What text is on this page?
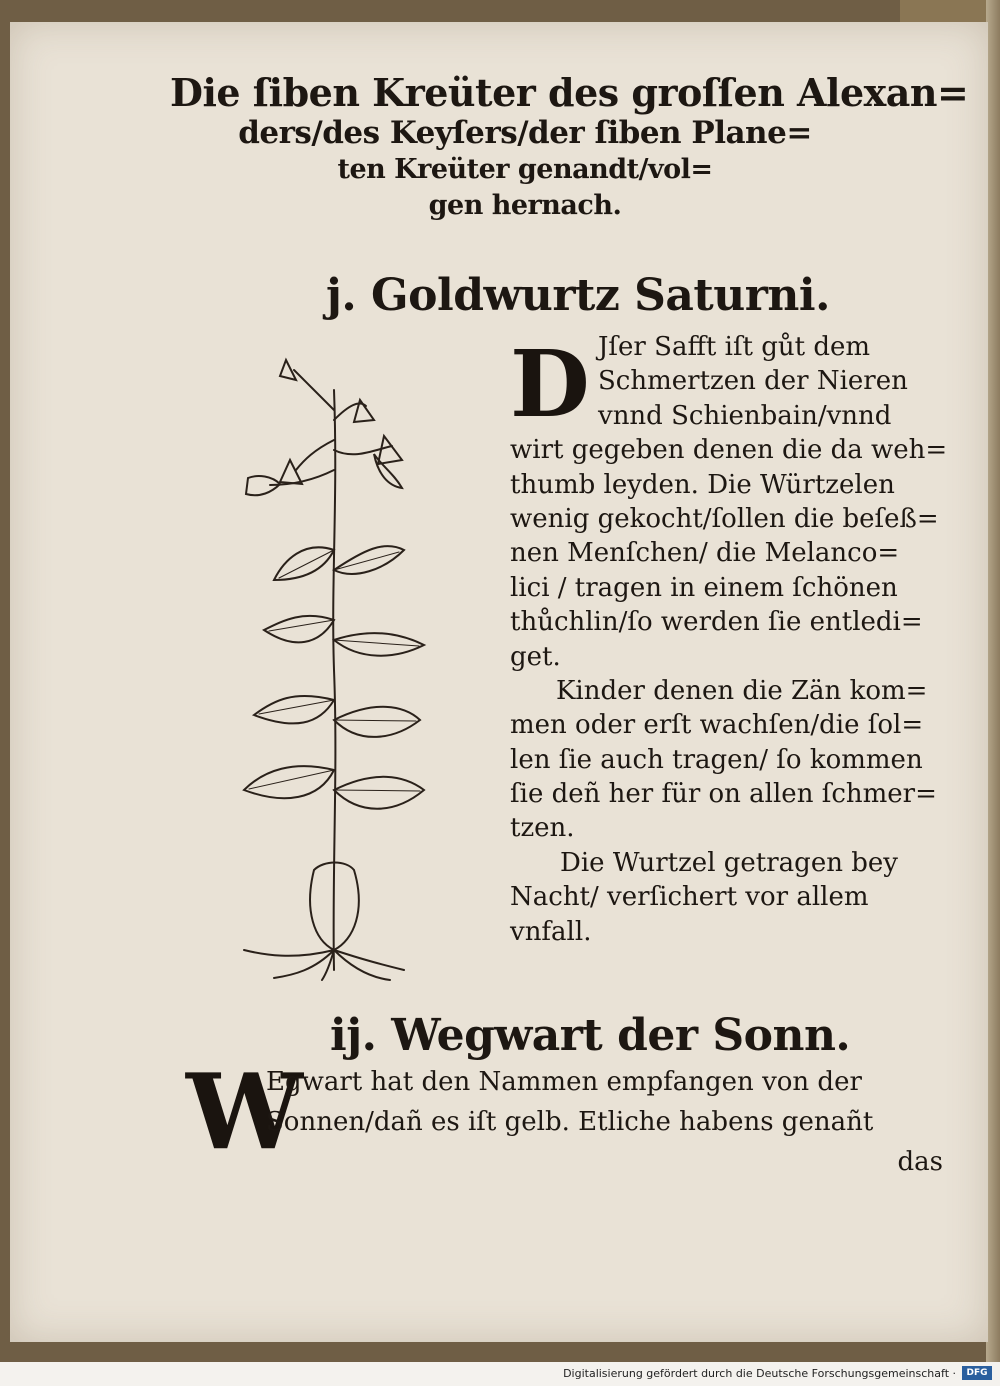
Die ſiben Kreüter des groſſen Alexan=
ders/des Keyſers/der ſiben Plane=
ten Kreüter genandt/vol=
gen hernach.
j. Goldwurtz Saturni.
D Jſer Safft iſt gůt dem
Schmertzen der Nieren
vnnd Schienbain/vnnd
wirt gegeben denen die da weh=
thumb leyden. Die Würtzelen
wenig gekocht/ſollen die beſeß=
nen Menſchen/ die Melanco=
lici / tragen in einem ſchönen
thůchlin/ſo werden ſie entledi=
get.
Kinder denen die Zän kom=
men oder erſt wachſen/die ſol=
len ſie auch tragen/ ſo kommen
ſie deñ her für on allen ſchmer=
tzen.
Die Wurtzel getragen bey
Nacht/ verſichert vor allem
vnfall.
ij. Wegwart der Sonn.
W
Egwart hat den Nammen empfangen von der
Sonnen/dañ es iſt gelb. Etliche habens genañt
das
Digitalisierung gefördert durch die Deutsche Forschungsgemeinschaft ·	DFG
